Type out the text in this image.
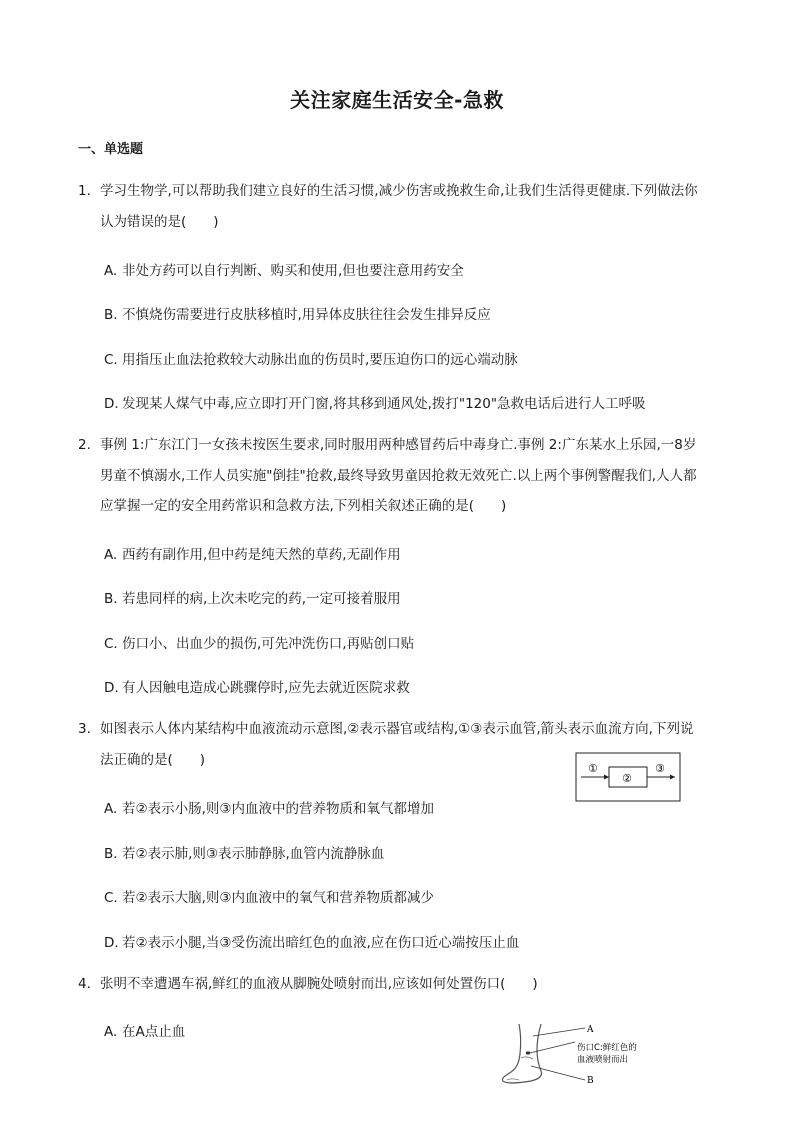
关注家庭生活安全-急救
一、单选题
1. 学习生物学,可以帮助我们建立良好的生活习惯,减少伤害或挽救生命,让我们生活得更健康.下列做法你
认为错误的是(　　)
A. 非处方药可以自行判断、购买和使用,但也要注意用药安全
B. 不慎烧伤需要进行皮肤移植时,用异体皮肤往往会发生排异反应
C. 用指压止血法抢救较大动脉出血的伤员时,要压迫伤口的远心端动脉
D. 发现某人煤气中毒,应立即打开门窗,将其移到通风处,拨打"120"急救电话后进行人工呼吸
2. 事例 1:广东江门一女孩未按医生要求,同时服用两种感冒药后中毒身亡.事例 2:广东某水上乐园,一8岁
男童不慎溺水,工作人员实施"倒挂"抢救,最终导致男童因抢救无效死亡.以上两个事例警醒我们,人人都
应掌握一定的安全用药常识和急救方法,下列相关叙述正确的是(　　)
A. 西药有副作用,但中药是纯天然的草药,无副作用
B. 若患同样的病,上次未吃完的药,一定可接着服用
C. 伤口小、出血少的损伤,可先冲洗伤口,再贴创口贴
D. 有人因触电造成心跳骤停时,应先去就近医院求救
3. 如图表示人体内某结构中血液流动示意图,②表示器官或结构,①③表示血管,箭头表示血流方向,下列说
法正确的是(　　)
①
②
③
A. 若②表示小肠,则③内血液中的营养物质和氧气都增加
B. 若②表示肺,则③表示肺静脉,血管内流静脉血
C. 若②表示大脑,则③内血液中的氧气和营养物质都减少
D. 若②表示小腿,当③受伤流出暗红色的血液,应在伤口近心端按压止血
4. 张明不幸遭遇车祸,鲜红的血液从脚腕处喷射而出,应该如何处置伤口(　　)
A. 在A点止血	A
伤口C:鲜红色的
血液喷射而出
B
